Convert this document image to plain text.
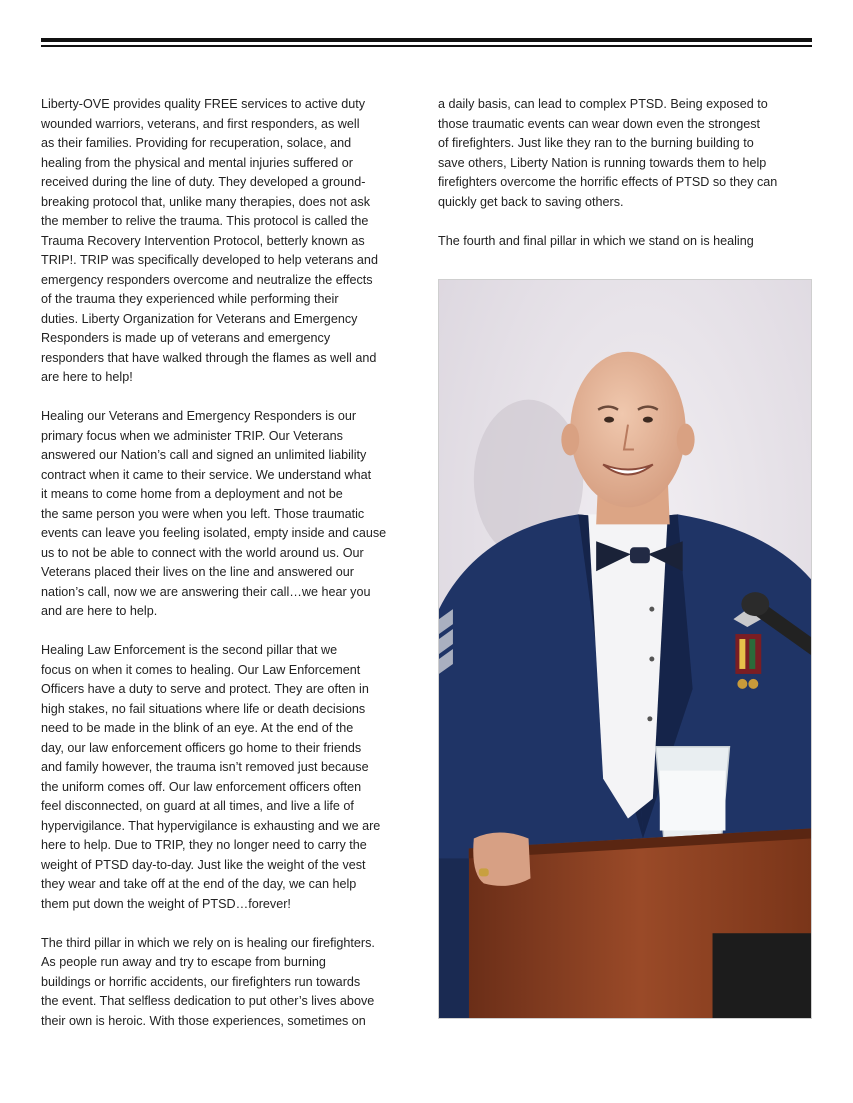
Liberty-OVE provides quality FREE services to active duty
wounded warriors, veterans, and first responders, as well
as their families. Providing for recuperation, solace, and
healing from the physical and mental injuries suffered or
received during the line of duty. They developed a ground-
breaking protocol that, unlike many therapies, does not ask
the member to relive the trauma. This protocol is called the
Trauma Recovery Intervention Protocol, betterly known as
TRIP!. TRIP was specifically developed to help veterans and
emergency responders overcome and neutralize the effects
of the trauma they experienced while performing their
duties. Liberty Organization for Veterans and Emergency
Responders is made up of veterans and emergency
responders that have walked through the flames as well and
are here to help!

Healing our Veterans and Emergency Responders is our
primary focus when we administer TRIP. Our Veterans
answered our Nation’s call and signed an unlimited liability
contract when it came to their service. We understand what
it means to come home from a deployment and not be
the same person you were when you left. Those traumatic
events can leave you feeling isolated, empty inside and cause
us to not be able to connect with the world around us. Our
Veterans placed their lives on the line and answered our
nation’s call, now we are answering their call…we hear you
and are here to help.

Healing Law Enforcement is the second pillar that we
focus on when it comes to healing. Our Law Enforcement
Officers have a duty to serve and protect. They are often in
high stakes, no fail situations where life or death decisions
need to be made in the blink of an eye. At the end of the
day, our law enforcement officers go home to their friends
and family however, the trauma isn’t removed just because
the uniform comes off. Our law enforcement officers often
feel disconnected, on guard at all times, and live a life of
hypervigilance. That hypervigilance is exhausting and we are
here to help. Due to TRIP, they no longer need to carry the
weight of PTSD day-to-day. Just like the weight of the vest
they wear and take off at the end of the day, we can help
them put down the weight of PTSD…forever!

The third pillar in which we rely on is healing our firefighters.
As people run away and try to escape from burning
buildings or horrific accidents, our firefighters run towards
the event. That selfless dedication to put other’s lives above
their own is heroic. With those experiences, sometimes on

a daily basis, can lead to complex PTSD. Being exposed to
those traumatic events can wear down even the strongest
of firefighters. Just like they ran to the burning building to
save others, Liberty Nation is running towards them to help
firefighters overcome the horrific effects of PTSD so they can
quickly get back to saving others.

The fourth and final pillar in which we stand on is healing
